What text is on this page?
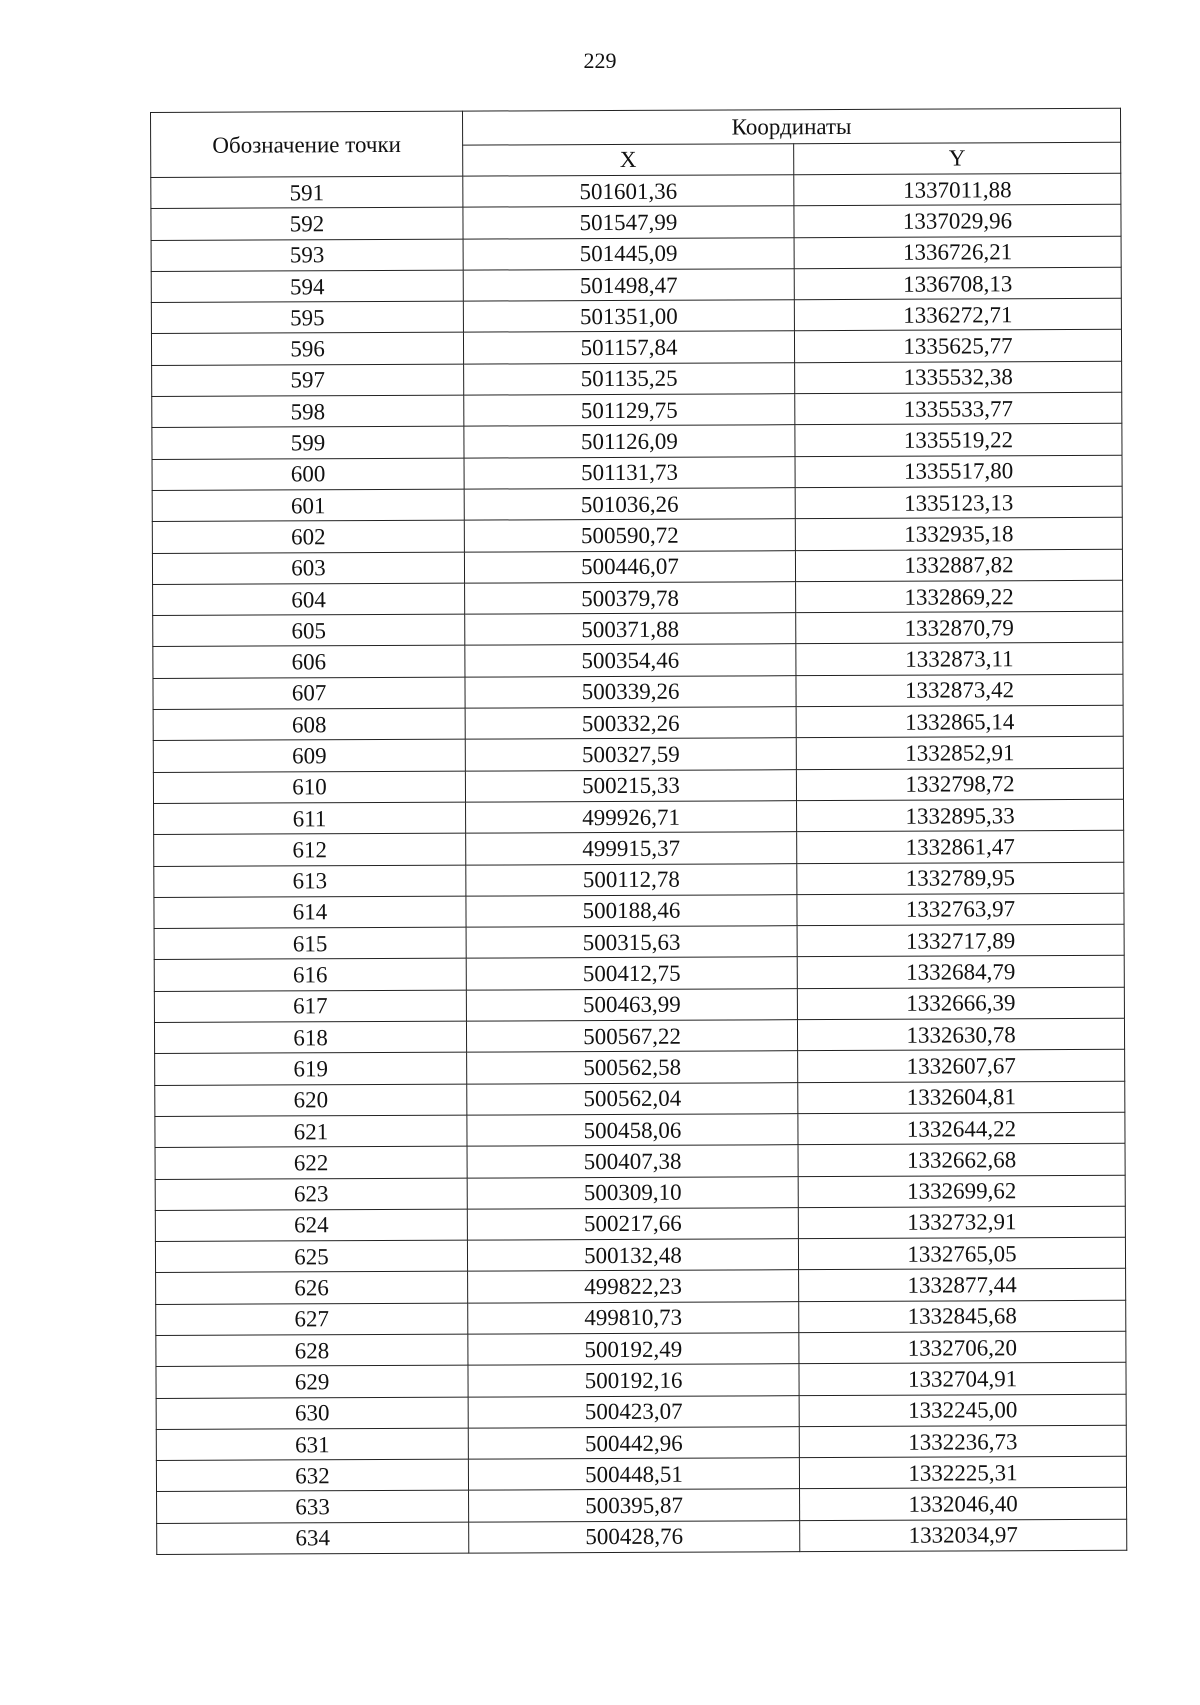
229
Обозначение точки	Координаты	
	X	Y
591	501601,36	1337011,88
592	501547,99	1337029,96
593	501445,09	1336726,21
594	501498,47	1336708,13
595	501351,00	1336272,71
596	501157,84	1335625,77
597	501135,25	1335532,38
598	501129,75	1335533,77
599	501126,09	1335519,22
600	501131,73	1335517,80
601	501036,26	1335123,13
602	500590,72	1332935,18
603	500446,07	1332887,82
604	500379,78	1332869,22
605	500371,88	1332870,79
606	500354,46	1332873,11
607	500339,26	1332873,42
608	500332,26	1332865,14
609	500327,59	1332852,91
610	500215,33	1332798,72
611	499926,71	1332895,33
612	499915,37	1332861,47
613	500112,78	1332789,95
614	500188,46	1332763,97
615	500315,63	1332717,89
616	500412,75	1332684,79
617	500463,99	1332666,39
618	500567,22	1332630,78
619	500562,58	1332607,67
620	500562,04	1332604,81
621	500458,06	1332644,22
622	500407,38	1332662,68
623	500309,10	1332699,62
624	500217,66	1332732,91
625	500132,48	1332765,05
626	499822,23	1332877,44
627	499810,73	1332845,68
628	500192,49	1332706,20
629	500192,16	1332704,91
630	500423,07	1332245,00
631	500442,96	1332236,73
632	500448,51	1332225,31
633	500395,87	1332046,40
634	500428,76	1332034,97
